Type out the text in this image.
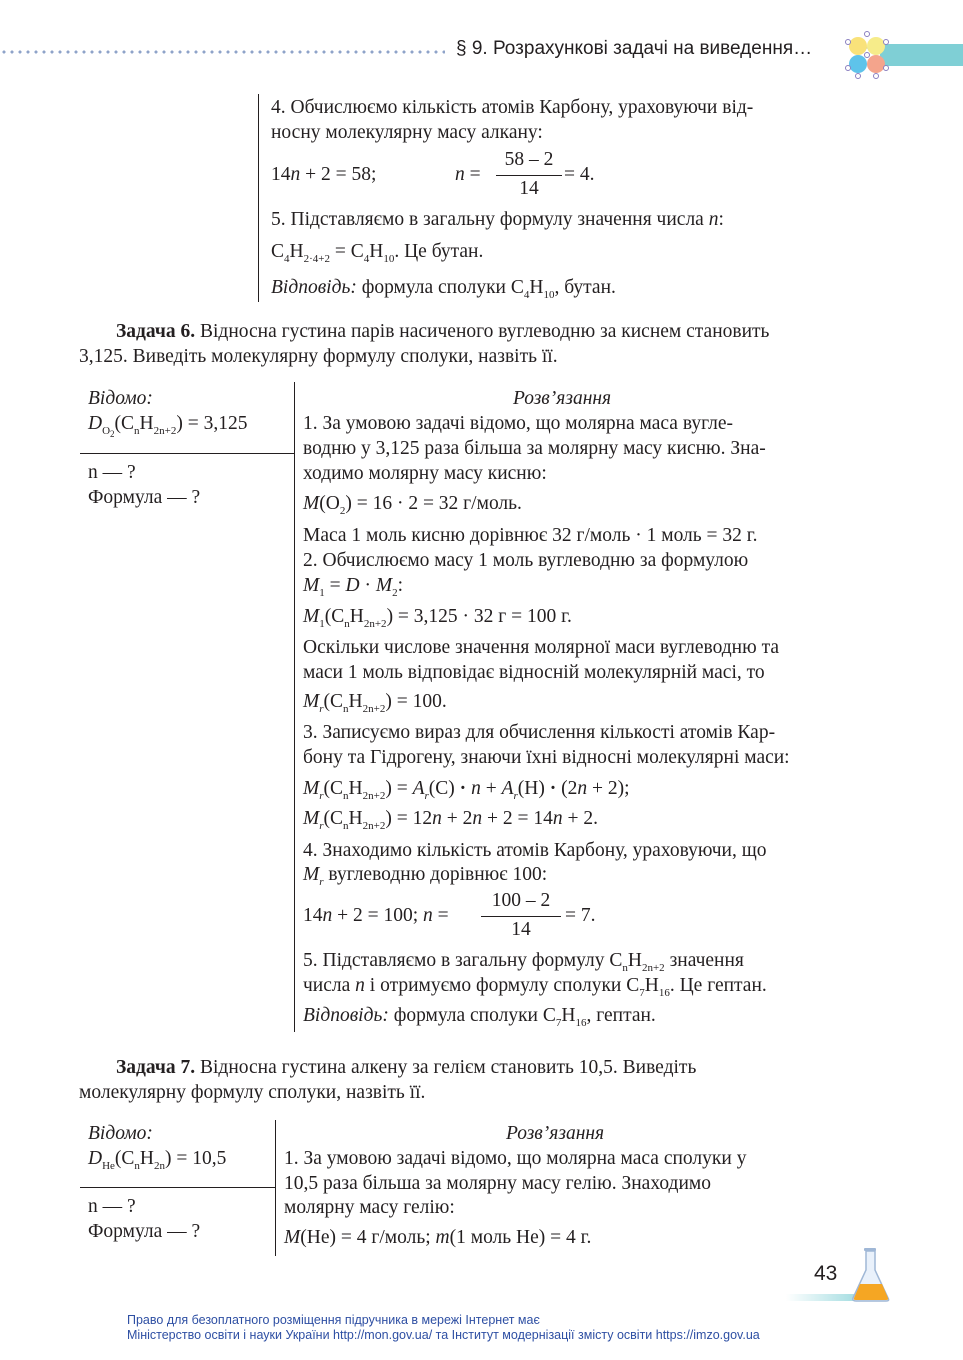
§ 9. Розрахункові задачі на виведення…
4. Обчислюємо кількість атомів Карбону, ураховуючи від-
носну молекулярну масу алкану:
14n + 2 = 58;	n =
58 – 2
14
= 4.
5. Підставляємо в загальну формулу значення числа n:
$C_4H_{2\cdot 4+2} = C_4H_{10}$. Це бутан.
Відповідь: формула сполуки $C_4H_{10}$, бутан.
Задача 6. Відносна густина парів насиченого вуглеводню за киснем становить
3,125. Виведіть молекулярну формулу сполуки, назвіть її.
Відомо:
$D_{O_2}(C_nH_{2n+2}) = 3,125$
n — ?
Формула — ?
Розв’язання
1. За умовою задачі відомо, що молярна маса вугле-
водню у 3,125 раза більша за молярну масу кисню. Зна-
ходимо молярну масу кисню:
$M(O_2) = 16 \cdot 2 = 32$ г/моль.
Маса 1 моль кисню дорівнює 32 г/моль · 1 моль = 32 г.
2. Обчислюємо масу 1 моль вуглеводню за формулою
$M_1 = D \cdot M_2$:
$M_1(C_nH_{2n+2}) = 3,125 \cdot 32$ г = 100 г.
Оскільки числове значення молярної маси вуглеводню та
маси 1 моль відповідає відносній молекулярній масі, то
$M_r(C_nH_{2n+2}) = 100$.
3. Записуємо вираз для обчислення кількості атомів Кар-
бону та Гідрогену, знаючи їхні відносні молекулярні маси:
$M_r(C_nH_{2n+2}) = A_r(C) \cdot n + A_r(H) \cdot (2n + 2)$;
$M_r(C_nH_{2n+2}) = 12n + 2n + 2 = 14n + 2$.
4. Знаходимо кількість атомів Карбону, ураховуючи, що
$M_r$ вуглеводню дорівнює 100:
14n + 2 = 100; n =
100 – 2
14
= 7.
5. Підставляємо в загальну формулу $C_nH_{2n+2}$ значення
числа n і отримуємо формулу сполуки $C_7H_{16}$. Це гептан.
Відповідь: формула сполуки $C_7H_{16}$, гептан.
Задача 7. Відносна густина алкену за гелієм становить 10,5. Виведіть
молекулярну формулу сполуки, назвіть її.
Відомо:
$D_{He}(C_nH_{2n}) = 10,5$
n — ?
Формула — ?
Розв’язання
1. За умовою задачі відомо, що молярна маса сполуки у
10,5 раза більша за молярну масу гелію. Знаходимо
молярну масу гелію:
M(He) = 4 г/моль; m(1 моль He) = 4 г.
43
Право для безоплатного розміщення підручника в мережі Інтернет має
Міністерство освіти і науки України http://mon.gov.ua/ та Інститут модернізації змісту освіти https://imzo.gov.ua
